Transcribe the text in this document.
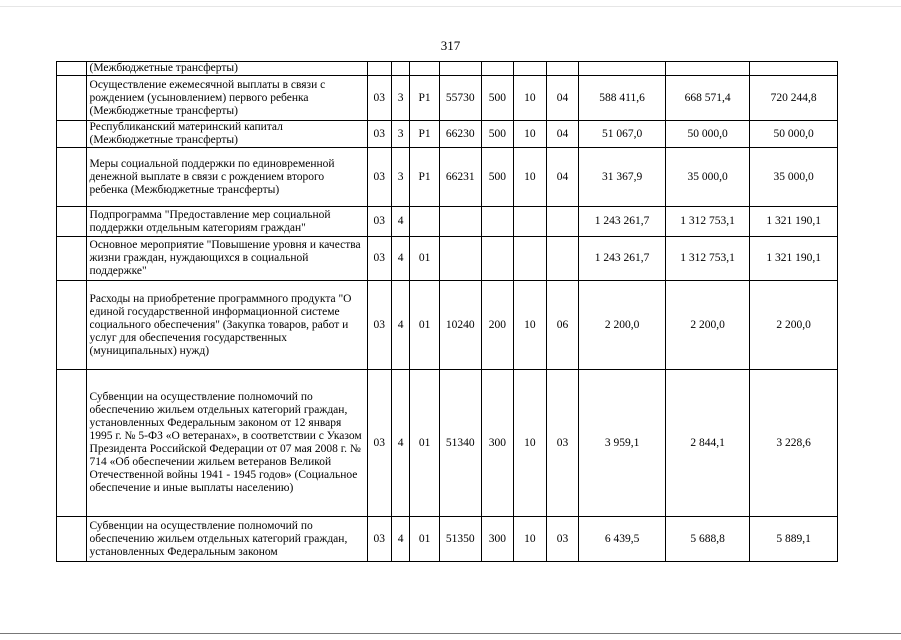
317
	(Межбюджетные трансферты)										
	Осуществление ежемесячной выплаты в связи с рождением (усыновлением) первого ребенка (Межбюджетные трансферты)	03	3	P1	55730	500	10	04	588 411,6	668 571,4	720 244,8
	Республиканский материнский капитал (Межбюджетные трансферты)	03	3	P1	66230	500	10	04	51 067,0	50 000,0	50 000,0
	Меры социальной поддержки по единовременной денежной выплате в связи с рождением второго ребенка (Межбюджетные трансферты)	03	3	P1	66231	500	10	04	31 367,9	35 000,0	35 000,0
	Подпрограмма "Предоставление мер социальной поддержки отдельным категориям граждан"	03	4						1 243 261,7	1 312 753,1	1 321 190,1
	Основное мероприятие "Повышение уровня и качества жизни граждан, нуждающихся в социальной поддержке"	03	4	01					1 243 261,7	1 312 753,1	1 321 190,1
	Расходы на приобретение программного продукта "О единой государственной информационной системе социального обеспечения" (Закупка товаров, работ и услуг для обеспечения государственных (муниципальных) нужд)	03	4	01	10240	200	10	06	2 200,0	2 200,0	2 200,0
	Субвенции на осуществление полномочий по обеспечению жильем отдельных категорий граждан, установленных Федеральным законом от 12 января 1995 г. № 5-ФЗ «О ветеранах», в соответствии с Указом Президента Российской Федерации от 07 мая 2008 г. № 714 «Об обеспечении жильем ветеранов Великой Отечественной войны 1941 - 1945 годов» (Социальное обеспечение и иные выплаты населению)	03	4	01	51340	300	10	03	3 959,1	2 844,1	3 228,6
	Субвенции на осуществление полномочий по обеспечению жильем отдельных категорий граждан, установленных Федеральным законом	03	4	01	51350	300	10	03	6 439,5	5 688,8	5 889,1
